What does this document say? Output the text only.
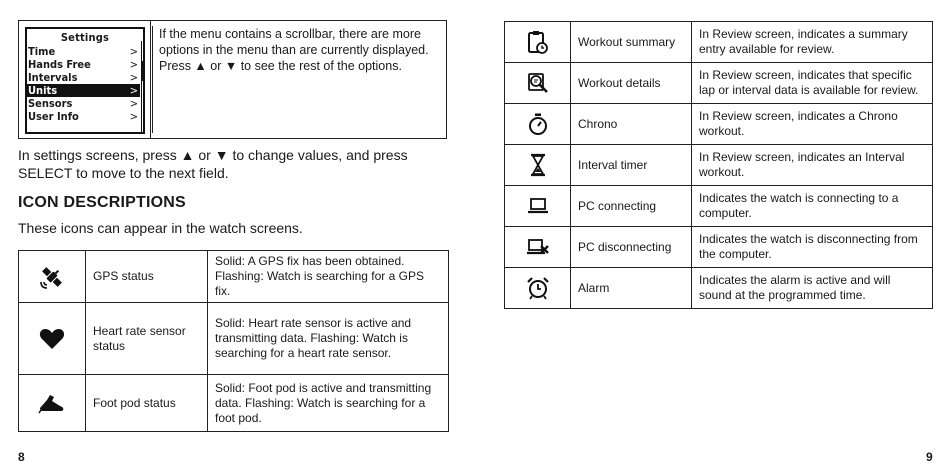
Settings
Time	>
Hands Free	>
Intervals	>
Units	>
Sensors	>
User Info	>
If the menu contains a scrollbar, there are more options in the menu than are currently displayed. Press ▲ or ▼ to see the rest of the options.
In settings screens, press ▲ or ▼ to change values, and press SELECT to move to the next field.
ICON DESCRIPTIONS
These icons can appear in the watch screens.
	GPS status	Solid: A GPS fix has been obtained. Flashing: Watch is searching for a GPS fix.

	Heart rate sensor status	Solid: Heart rate sensor is active and transmitting data. Flashing: Watch is searching for a heart rate sensor.

	Foot pod status	Solid: Foot pod is active and transmitting data. Flashing: Watch is searching for a foot pod.
	Workout summary	In Review screen, indicates a summary entry available for review.

	Workout details	In Review screen, indicates that specific lap or interval data is available for review.

	Chrono	In Review screen, indicates a Chrono workout.

	Interval timer	In Review screen, indicates an Interval workout.

	PC connecting	Indicates the watch is connecting to a computer.

	PC disconnecting	Indicates the watch is disconnecting from the computer.

	Alarm	Indicates the alarm is active and will sound at the programmed time.
8	9
